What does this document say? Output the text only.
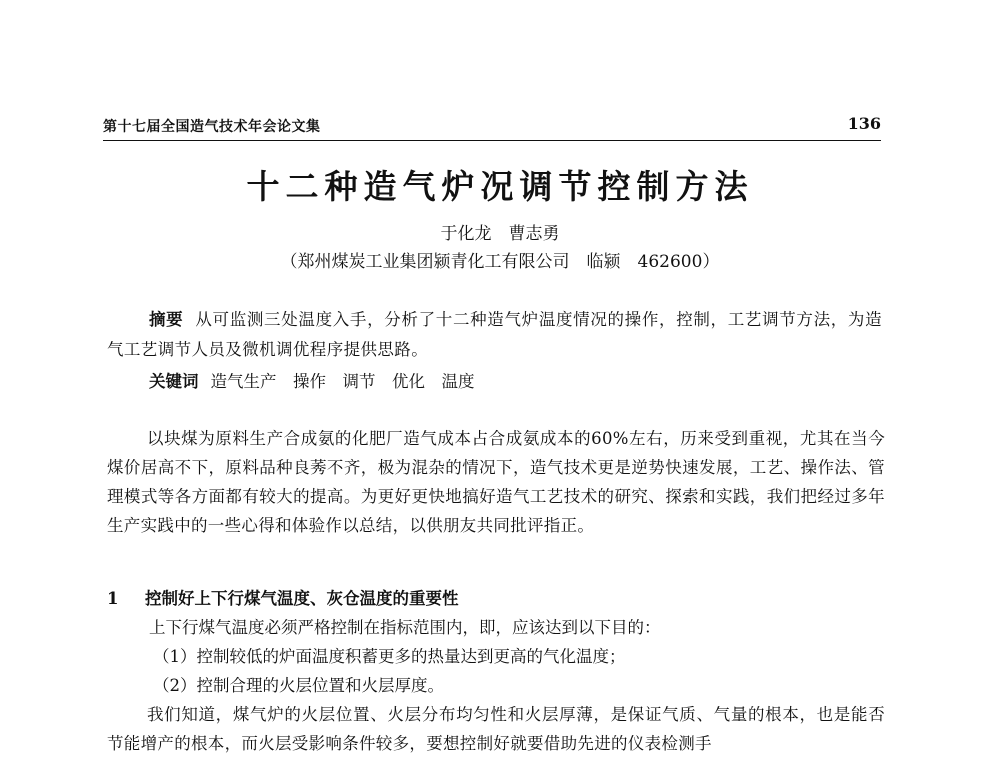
第十七届全国造气技术年会论文集	136
十二种造气炉况调节控制方法
于化龙　曹志勇
（郑州煤炭工业集团颍青化工有限公司　临颍　462600）
摘要 从可监测三处温度入手，分析了十二种造气炉温度情况的操作，控制，工艺调节方法，为造气工艺调节人员及微机调优程序提供思路。
关键词 造气生产　操作　调节　优化　温度
以块煤为原料生产合成氨的化肥厂造气成本占合成氨成本的60%左右，历来受到重视，尤其在当今煤价居高不下，原料品种良莠不齐，极为混杂的情况下，造气技术更是逆势快速发展，工艺、操作法、管理模式等各方面都有较大的提高。为更好更快地搞好造气工艺技术的研究、探索和实践，我们把经过多年生产实践中的一些心得和体验作以总结，以供朋友共同批评指正。
1 控制好上下行煤气温度、灰仓温度的重要性
上下行煤气温度必须严格控制在指标范围内，即，应该达到以下目的：
（1）控制较低的炉面温度积蓄更多的热量达到更高的气化温度；
（2）控制合理的火层位置和火层厚度。
我们知道，煤气炉的火层位置、火层分布均匀性和火层厚薄，是保证气质、气量的根本，也是能否节能增产的根本，而火层受影响条件较多，要想控制好就要借助先进的仪表检测手
